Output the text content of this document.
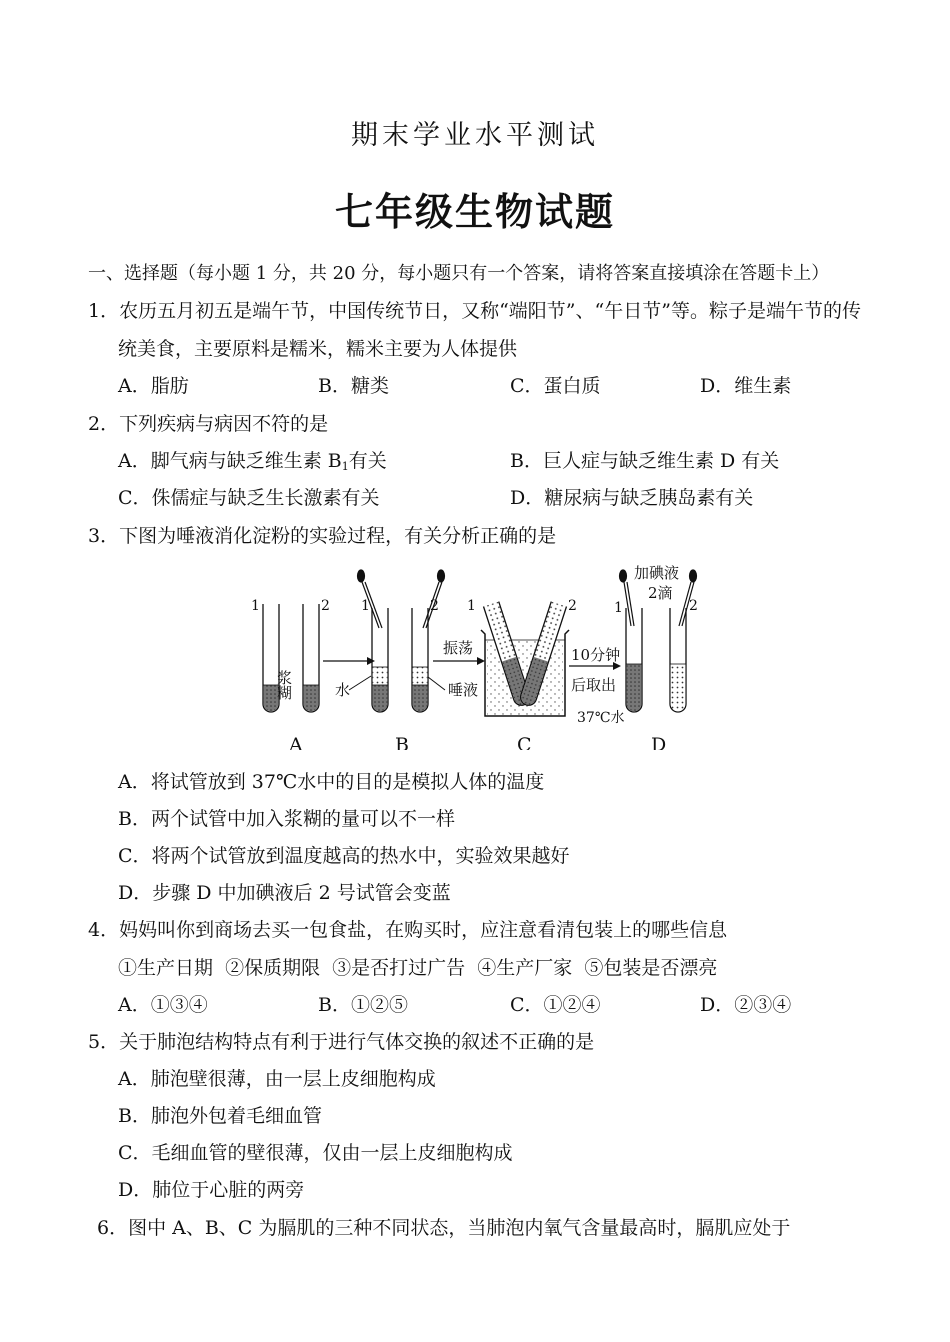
期末学业水平测试
七年级生物试题
一、选择题（每小题 1 分，共 20 分，每小题只有一个答案，请将答案直接填涂在答题卡上）
1．农历五月初五是端午节，中国传统节日，又称“端阳节”、“午日节”等。粽子是端午节的传
统美食，主要原料是糯米，糯米主要为人体提供
A．脂肪	B．糖类	C．蛋白质	D．维生素
2．下列疾病与病因不符的是
A．脚气病与缺乏维生素 $B_1$有关	B．巨人症与缺乏维生素 D 有关
C．侏儒症与缺乏生长激素有关	D．糖尿病与缺乏胰岛素有关
3．下图为唾液消化淀粉的实验过程，有关分析正确的是
1	2
浆糊
A
1	2
水
振荡
唾液
B
1	2
10分钟
后取出
37℃水
C
1	2
加碘液
2滴
D
A．将试管放到 37℃水中的目的是模拟人体的温度
B．两个试管中加入浆糊的量可以不一样
C．将两个试管放到温度越高的热水中，实验效果越好
D．步骤 D 中加碘液后 2 号试管会变蓝
4．妈妈叫你到商场去买一包食盐，在购买时，应注意看清包装上的哪些信息
①生产日期  ②保质期限  ③是否打过广告  ④生产厂家  ⑤包装是否漂亮
A．①③④	B．①②⑤	C．①②④	D．②③④
5．关于肺泡结构特点有利于进行气体交换的叙述不正确的是
A．肺泡壁很薄，由一层上皮细胞构成
B．肺泡外包着毛细血管
C．毛细血管的壁很薄，仅由一层上皮细胞构成
D．肺位于心脏的两旁
6．图中 A、B、C 为膈肌的三种不同状态，当肺泡内氧气含量最高时，膈肌应处于
